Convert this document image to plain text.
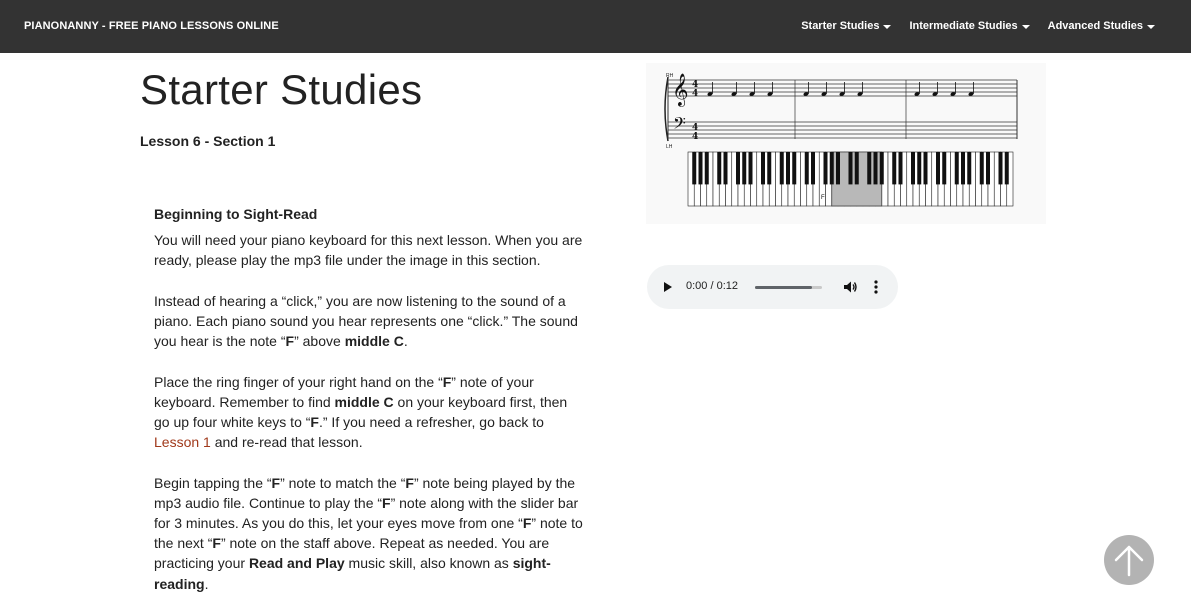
PIANONANNY - FREE PIANO LESSONS ONLINE	Starter Studies	Intermediate Studies	Advanced Studies
Starter Studies
Lesson 6 - Section 1
Beginning to Sight-Read

You will need your piano keyboard for this next lesson. When you are ready, please play the mp3 file under the image in this section.

Instead of hearing a “click,” you are now listening to the sound of a piano. Each piano sound you hear represents one “click.” The sound you hear is the note “F” above middle C.

Place the ring finger of your right hand on the “F” note of your keyboard. Remember to find middle C on your keyboard first, then go up four white keys to “F.” If you need a refresher, go back to Lesson 1 and re-read that lesson.

Begin tapping the “F” note to match the “F” note being played by the mp3 audio file. Continue to play the “F” note along with the slider bar for 3 minutes. As you do this, let your eyes move from one “F” note to the next “F” note on the staff above. Repeat as needed. You are practicing your Read and Play music skill, also known as sight-reading.

RH
LH
𝄞
𝄢
4
4
4
4
F
0:00 / 0:12
